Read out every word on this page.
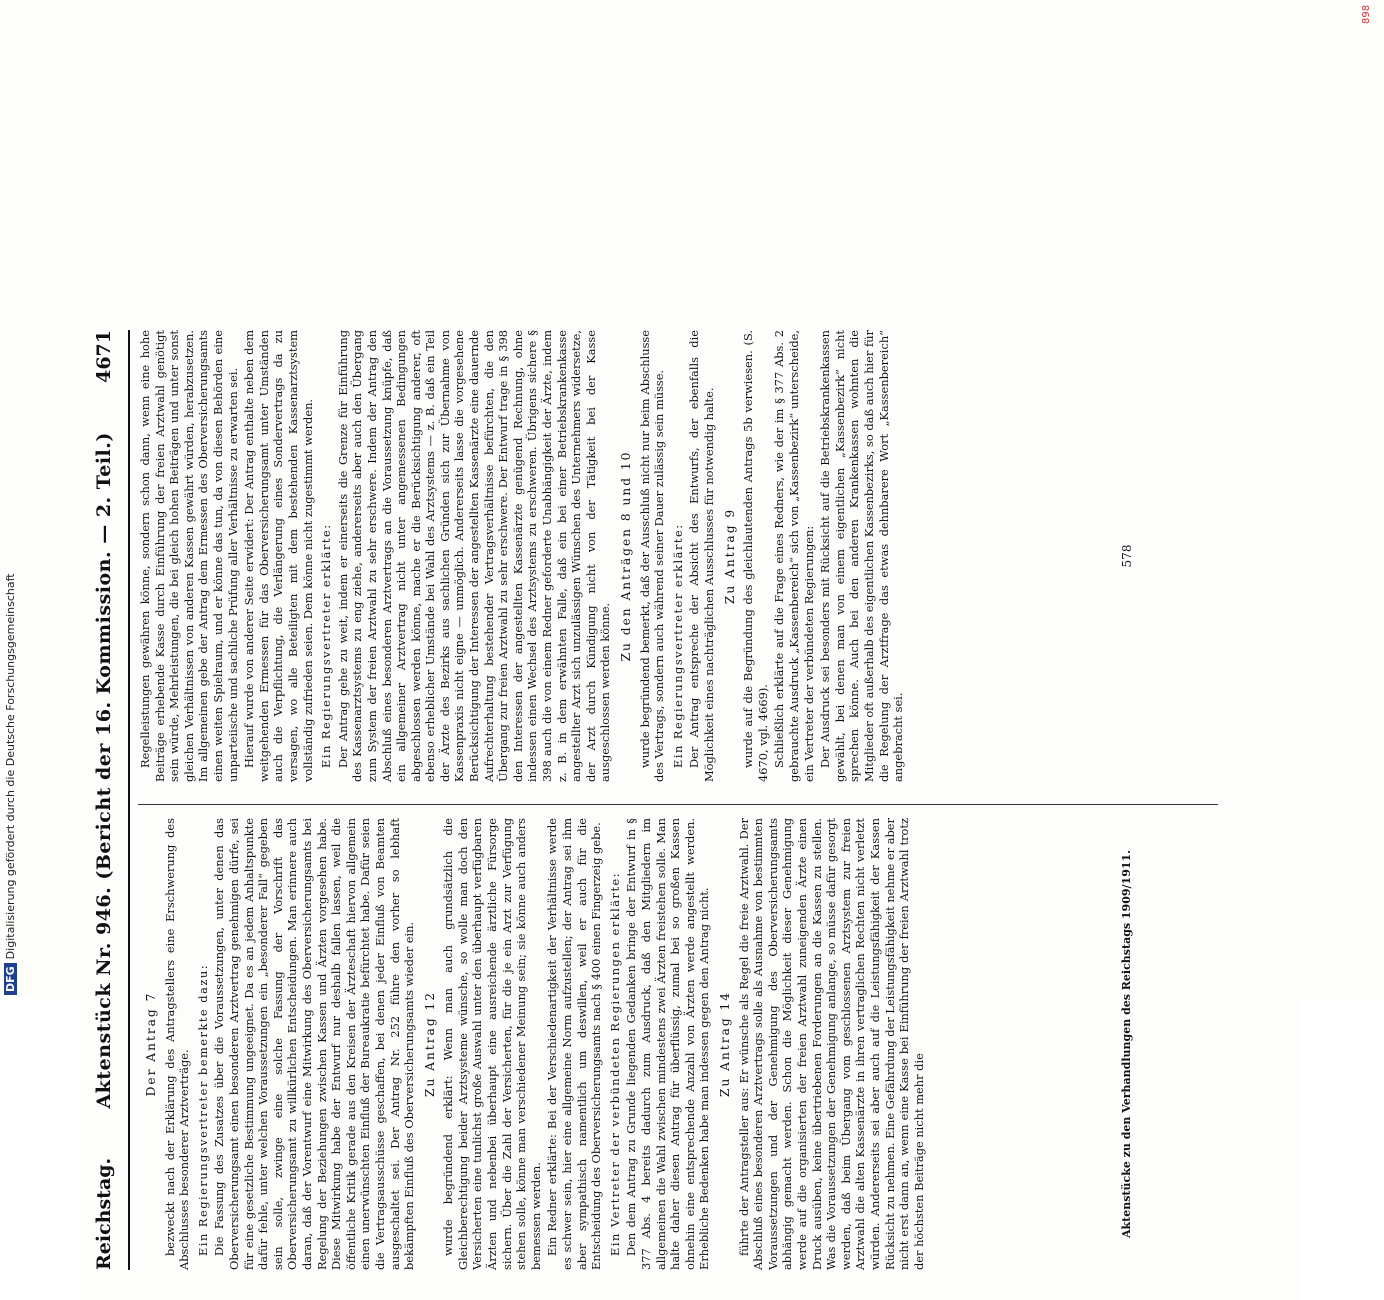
Reichstag.
Aktenstück Nr. 946. (Bericht der 16. Kommission. — 2. Teil.)
4671
Der Antrag 7 bezweckt nach der Erklärung des Antragstellers eine Erschwerung des Abschlusses besonderer Arztverträge. Ein Regierungsvertreter bemerkte dazu: Die Fassung des Zusatzes über die Voraussetzungen, unter denen das Oberversicherungsamt einen besonderen Arztvertrag genehmigen dürfe, sei für eine gesetzliche Bestimmung ungeeignet. Da es an jedem Anhaltspunkte dafür fehle, unter welchen Voraussetzungen ein „besonderer Fall“ gegeben sein solle, zwinge eine solche Fassung der Vorschrift das Oberversicherungsamt zu willkürlichen Entscheidungen. Man erinnere auch daran, daß der Vorentwurf eine Mitwirkung des Oberversicherungsamts bei Regelung der Beziehungen zwischen Kassen und Ärzten vorgesehen habe. Diese Mitwirkung habe der Entwurf nur deshalb fallen lassen, weil die öffentliche Kritik gerade aus den Kreisen der Ärzteschaft hiervon allgemein einen unerwünschten Einfluß der Bureaukratie befürchtet habe. Dafür seien die Vertragsausschüsse geschaffen, bei denen jeder Einfluß von Beamten ausgeschaltet sei. Der Antrag Nr. 252 führe den vorher so lebhaft bekämpften Einfluß des Oberversicherungsamts wieder ein. Zu Antrag 12 wurde begründend erklärt: Wenn man auch grundsätzlich die Gleichberechtigung beider Arztsysteme wünsche, so wolle man doch den Versicherten eine tunlichst große Auswahl unter den überhaupt verfügbaren Ärzten und nebenbei überhaupt eine ausreichende ärztliche Fürsorge sichern. Über die Zahl der Versicherten, für die je ein Arzt zur Verfügung stehen solle, könne man verschiedener Meinung sein; sie könne auch anders bemessen werden. Ein Redner erklärte: Bei der Verschiedenartigkeit der Verhältnisse werde es schwer sein, hier eine allgemeine Norm aufzustellen; der Antrag sei ihm aber sympathisch namentlich um deswillen, weil er auch für die Entscheidung des Oberversicherungsamts nach § 400 einen Fingerzeig gebe. Ein Vertreter der verbündeten Regierungen erklärte: Den dem Antrag zu Grunde liegenden Gedanken bringe der Entwurf in § 377 Abs. 4 bereits dadurch zum Ausdruck, daß den Mitgliedern im allgemeinen die Wahl zwischen mindestens zwei Ärzten freistehen solle. Man halte daher diesen Antrag für überflüssig, zumal bei so großen Kassen ohnehin eine entsprechende Anzahl von Ärzten werde angestellt werden. Erhebliche Bedenken habe man indessen gegen den Antrag nicht. Zu Antrag 14 führte der Antragsteller aus: Er wünsche als Regel die freie Arztwahl. Der Abschluß eines besonderen Arztvertrags solle als Ausnahme von bestimmten Voraussetzungen und der Genehmigung des Oberversicherungsamts abhängig gemacht werden. Schon die Möglichkeit dieser Genehmigung werde auf die organisierten der freien Arztwahl zuneigenden Ärzte einen Druck ausüben, keine übertriebenen Forderungen an die Kassen zu stellen. Was die Voraussetzungen der Genehmigung anlange, so müsse dafür gesorgt werden, daß beim Übergang vom geschlossenen Arztsystem zur freien Arztwahl die alten Kassenärzte in ihren vertraglichen Rechten nicht verletzt würden. Andererseits sei aber auch auf die Leistungsfähigkeit der Kassen Rücksicht zu nehmen. Eine Gefährdung der Leistungsfähigkeit nehme er aber nicht erst dann an, wenn eine Kasse bei Einführung der freien Arztwahl trotz der höchsten Beiträge nicht mehr die

Regelleistungen gewähren könne, sondern schon dann, wenn eine hohe Beiträge erhebende Kasse durch Einführung der freien Arztwahl genötigt sein würde, Mehrleistungen, die bei gleich hohen Beiträgen und unter sonst gleichen Verhältnissen von anderen Kassen gewährt würden, herabzusetzen. Im allgemeinen gebe der Antrag dem Ermessen des Oberversicherungsamts einen weiten Spielraum, und er könne das tun, da von diesen Behörden eine unparteiische und sachliche Prüfung aller Verhältnisse zu erwarten sei. Hierauf wurde von anderer Seite erwidert: Der Antrag enthalte neben dem weitgehenden Ermessen für das Oberversicherungsamt unter Umständen auch die Verpflichtung, die Verlängerung eines Sondervertrags da zu versagen, wo alle Beteiligten mit dem bestehenden Kassenarztsystem vollständig zufrieden seien. Dem könne nicht zugestimmt werden. Ein Regierungsvertreter erklärte: Der Antrag gehe zu weit, indem er einerseits die Grenze für Einführung des Kassenarztsystems zu eng ziehe, andererseits aber auch den Übergang zum System der freien Arztwahl zu sehr erschwere. Indem der Antrag den Abschluß eines besonderen Arztvertrags an die Voraussetzung knüpfe, daß ein allgemeiner Arztvertrag nicht unter angemessenen Bedingungen abgeschlossen werden könne, mache er die Berücksichtigung anderer, oft ebenso erheblicher Umstände bei Wahl des Arztsystems — z. B. daß ein Teil der Ärzte des Bezirks aus sachlichen Gründen sich zur Übernahme von Kassenpraxis nicht eigne — unmöglich. Andererseits lasse die vorgesehene Berücksichtigung der Interessen der angestellten Kassenärzte eine dauernde Aufrechterhaltung bestehender Vertragsverhältnisse befürchten, die den Übergang zur freien Arztwahl zu sehr erschwere. Der Entwurf trage in § 398 den Interessen der angestellten Kassenärzte genügend Rechnung, ohne indessen einen Wechsel des Arztsystems zu erschweren. Übrigens sichere § 398 auch die von einem Redner geforderte Unabhängigkeit der Ärzte, indem z. B. in dem erwähnten Falle, daß ein bei einer Betriebskrankenkasse angestellter Arzt sich unzulässigen Wünschen des Unternehmers widersetze, der Arzt durch Kündigung nicht von der Tätigkeit bei der Kasse ausgeschlossen werden könne.

Zu den Anträgen 8 und 10 wurde begründend bemerkt, daß der Ausschluß nicht nur beim Abschlusse des Vertrags, sondern auch während seiner Dauer zulässig sein müsse. Ein Regierungsvertreter erklärte: Der Antrag entspreche der Absicht des Entwurfs, der ebenfalls die Möglichkeit eines nachträglichen Ausschlusses für notwendig halte. Zu Antrag 9 wurde auf die Begründung des gleichlautenden Antrags 5b verwiesen. (S. 4670, vgl. 4669). Schließlich erklärte auf die Frage eines Redners, wie der im § 377 Abs. 2 gebrauchte Ausdruck „Kassenbereich“ sich von „Kassenbezirk“ unterscheide, ein Vertreter der verbündeten Regierungen: Der Ausdruck sei besonders mit Rücksicht auf die Betriebskrankenkassen gewählt, bei denen man von einem eigentlichen „Kassenbezirk“ nicht sprechen könne. Auch bei den anderen Krankenkassen wohnten die Mitglieder oft außerhalb des eigentlichen Kassenbezirks, so daß auch hier für die Regelung der Arztfrage das etwas dehnbarere Wort „Kassenbereich“ angebracht sei.

Aktenstücke zu den Verhandlungen des Reichstags 1909/1911.
578
DFGDigitalisierung gefördert durch die Deutsche Forschungsgemeinschaft
898
